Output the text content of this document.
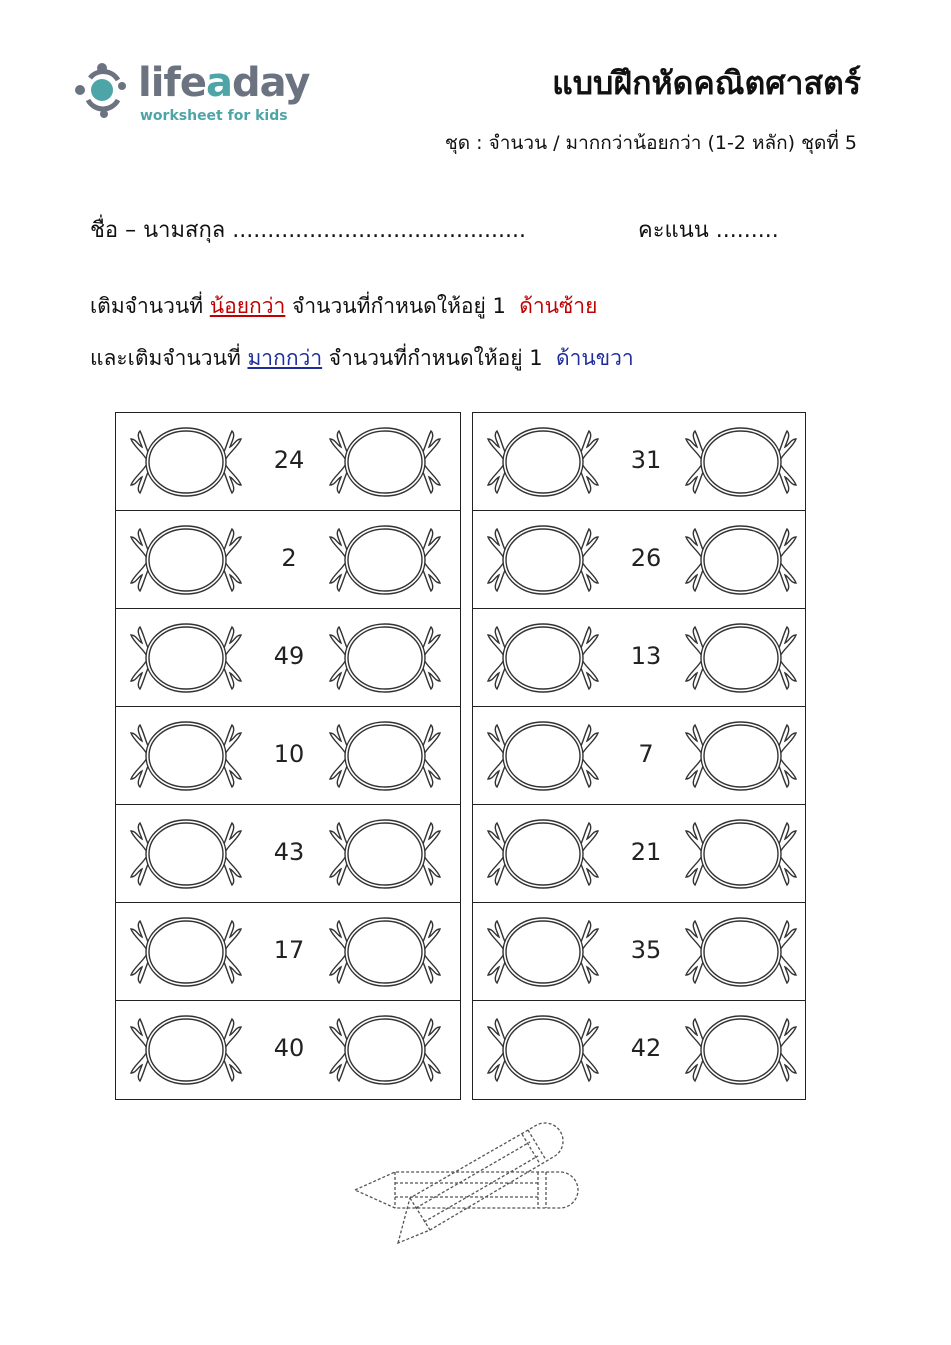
lifeaday
worksheet for kids
แบบฝึกหัดคณิตศาสตร์
ชุด : จำนวน / มากกว่าน้อยกว่า (1-2 หลัก) ชุดที่ 5
ชื่อ – นามสกุล ..........................................	คะแนน .........
เติมจำนวนที่ น้อยกว่า จำนวนที่กำหนดให้อยู่ 1  ด้านซ้าย
และเติมจำนวนที่ มากกว่า จำนวนที่กำหนดให้อยู่ 1  ด้านขวา
24
2
49
10
43
17
40
31
26
13
7
21
35
42
